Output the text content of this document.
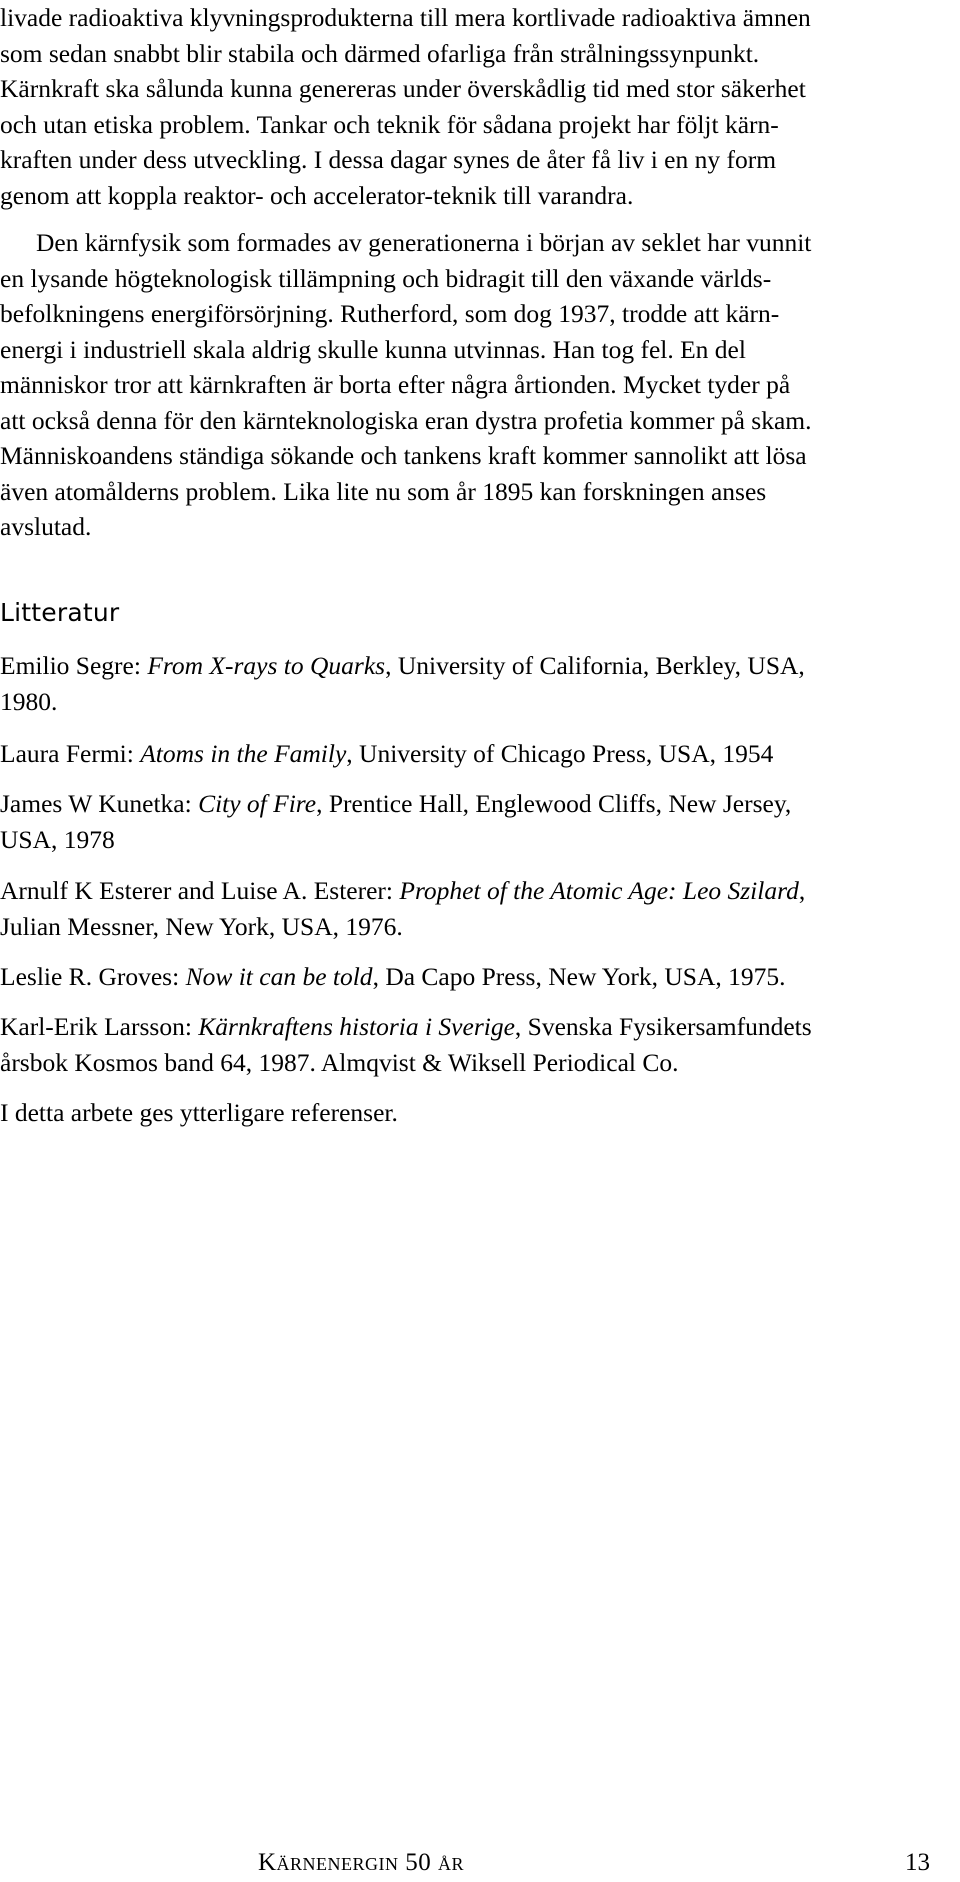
livade radioaktiva klyvningsprodukterna till mera kortlivade radioaktiva ämnen
som sedan snabbt blir stabila och därmed ofarliga från strålningssynpunkt.
Kärnkraft ska sålunda kunna genereras under överskådlig tid med stor säkerhet
och utan etiska problem. Tankar och teknik för sådana projekt har följt kärn-
kraften under dess utveckling. I dessa dagar synes de åter få liv i en ny form
genom att koppla reaktor- och accelerator-teknik till varandra.

Den kärnfysik som formades av generationerna i början av seklet har vunnit
en lysande högteknologisk tillämpning och bidragit till den växande världs-
befolkningens energiförsörjning. Rutherford, som dog 1937, trodde att kärn-
energi i industriell skala aldrig skulle kunna utvinnas. Han tog fel. En del
människor tror att kärnkraften är borta efter några årtionden. Mycket tyder på
att också denna för den kärnteknologiska eran dystra profetia kommer på skam.
Människoandens ständiga sökande och tankens kraft kommer sannolikt att lösa
även atomålderns problem. Lika lite nu som år 1895 kan forskningen anses
avslutad.

Litteratur

Emilio Segre: From X-rays to Quarks, University of California, Berkley, USA,
1980.

Laura Fermi: Atoms in the Family, University of Chicago Press, USA, 1954

James W Kunetka: City of Fire, Prentice Hall, Englewood Cliffs, New Jersey,
USA, 1978

Arnulf K Esterer and Luise A. Esterer: Prophet of the Atomic Age: Leo Szilard,
Julian Messner, New York, USA, 1976.

Leslie R. Groves: Now it can be told, Da Capo Press, New York, USA, 1975.

Karl-Erik Larsson: Kärnkraftens historia i Sverige, Svenska Fysikersamfundets
årsbok Kosmos band 64, 1987. Almqvist & Wiksell Periodical Co.

I detta arbete ges ytterligare referenser.

Kärnenergin 50 år	13
